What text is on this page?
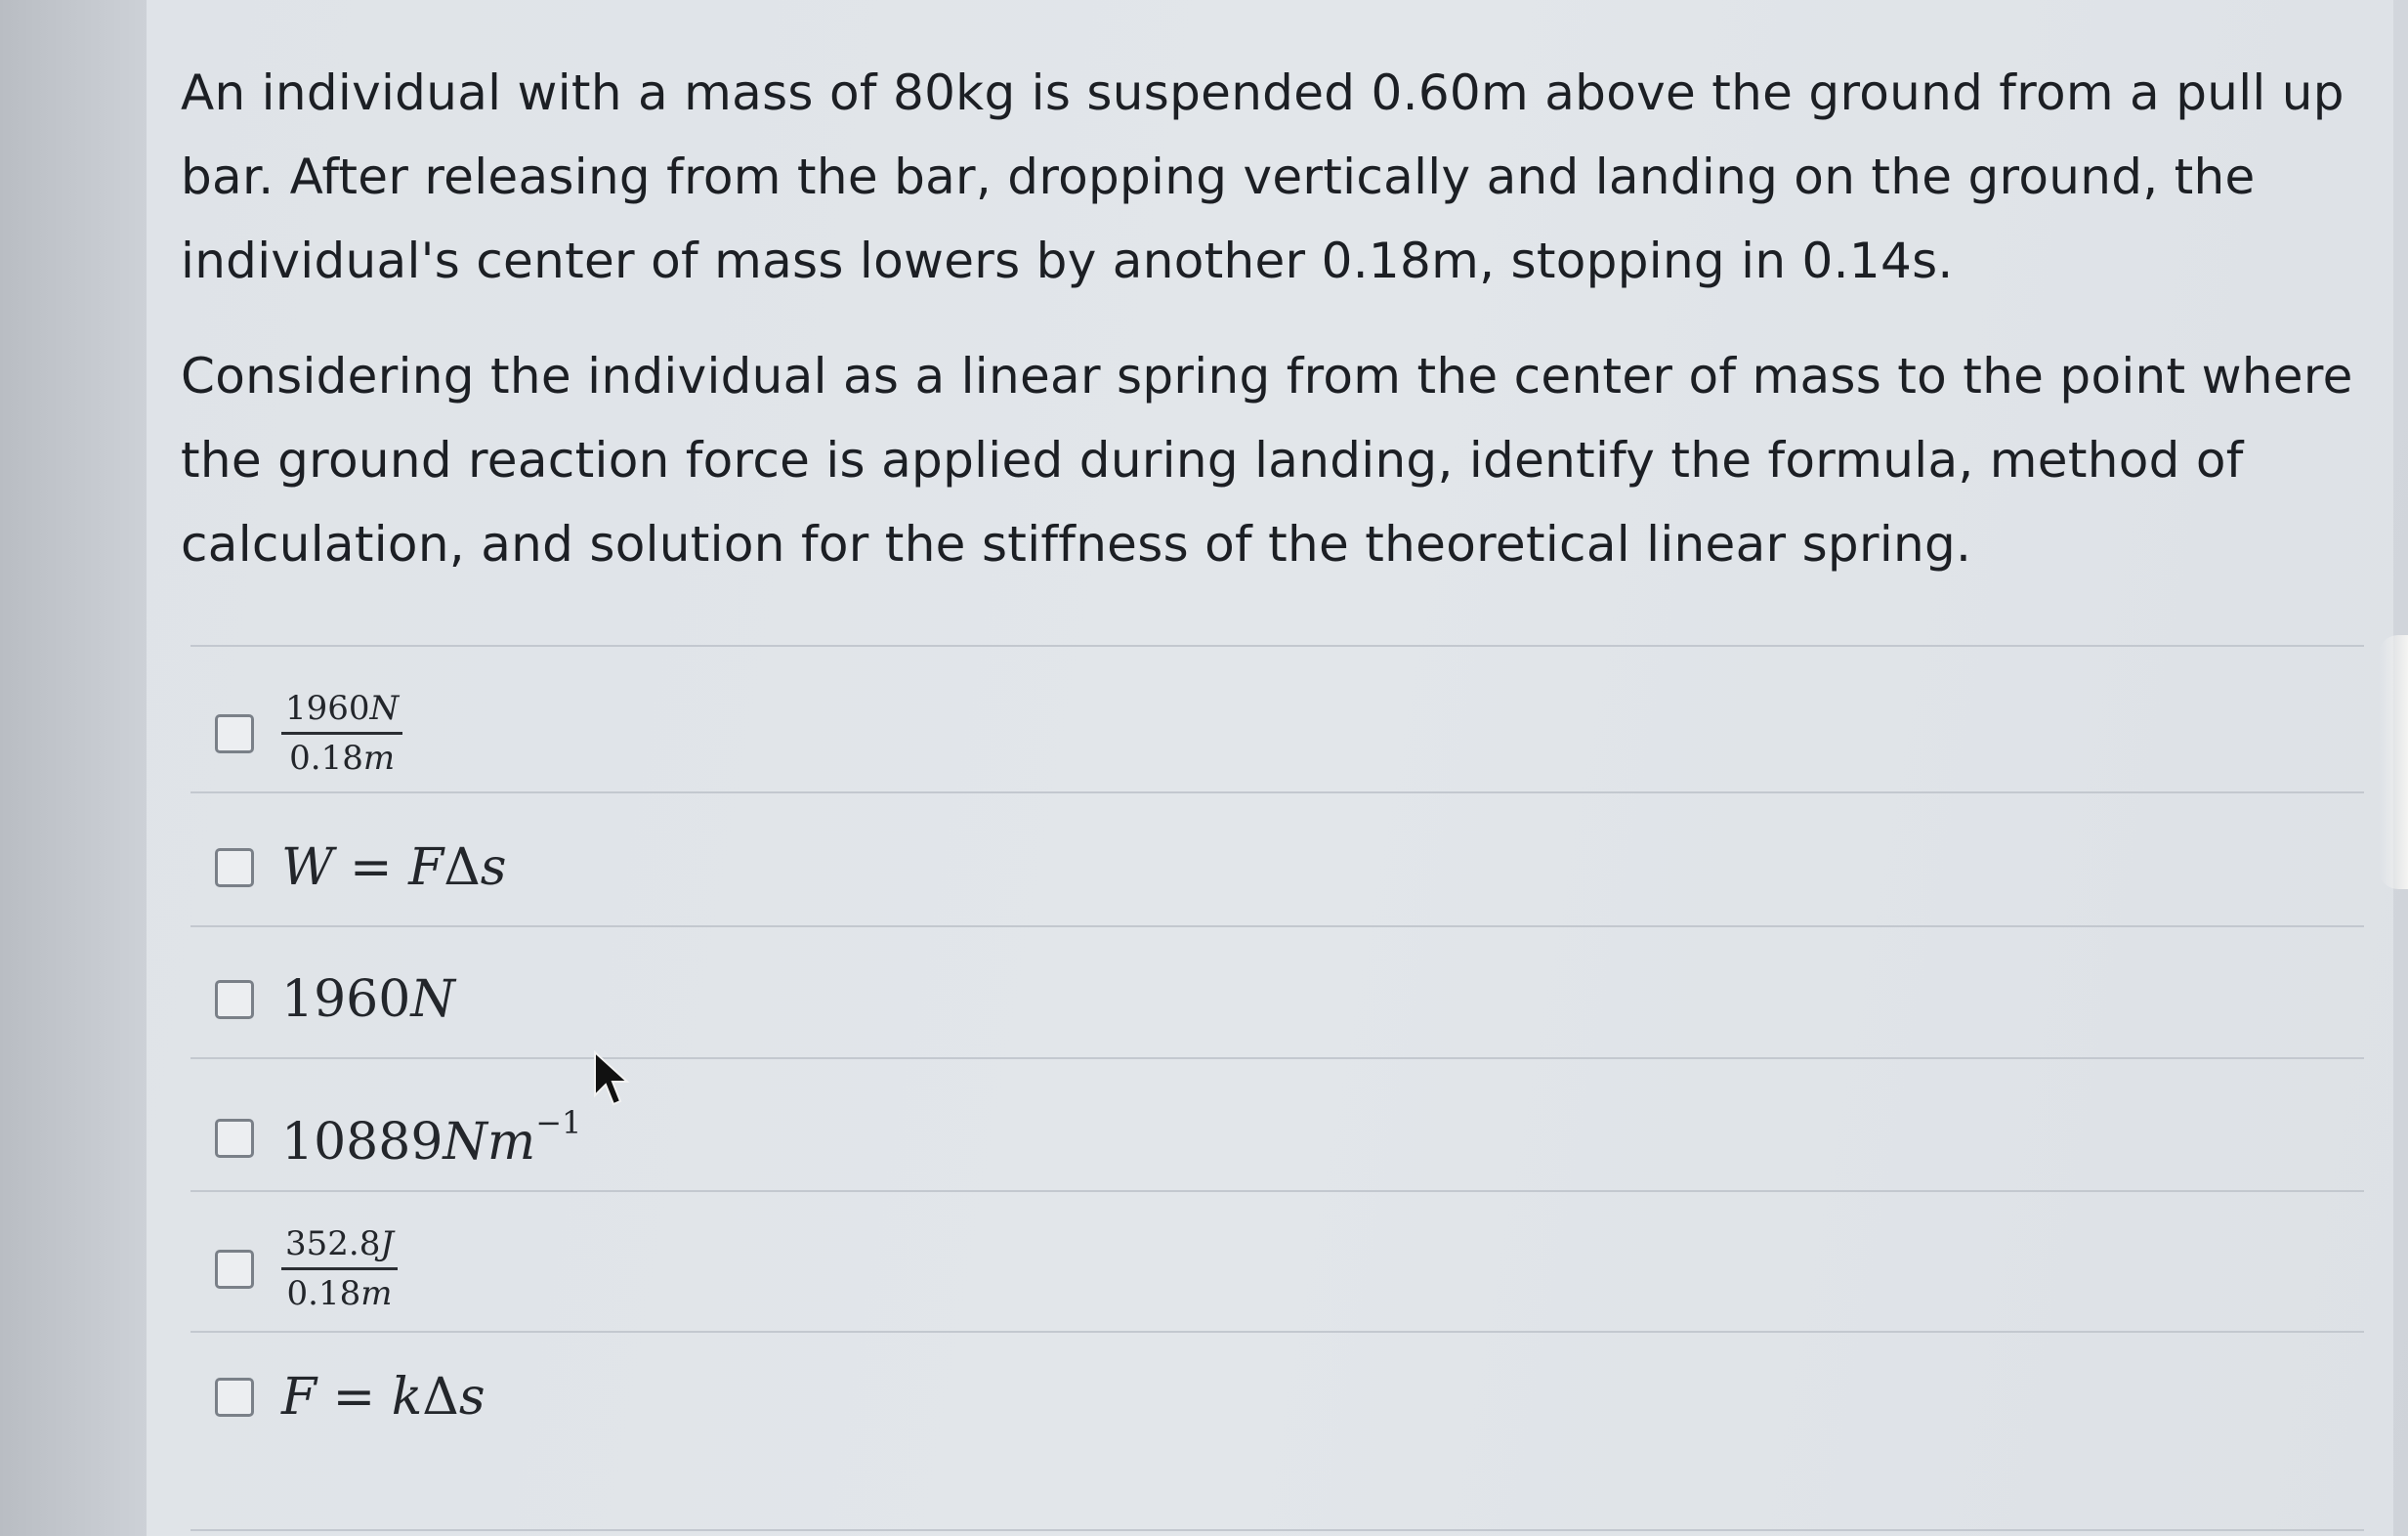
An individual with a mass of 80kg is suspended 0.60m above the ground from a pull up bar. After releasing from the bar, dropping vertically and landing on the ground, the individual's center of mass lowers by another 0.18m, stopping in 0.14s.
Considering the individual as a linear spring from the center of mass to the point where the ground reaction force is applied during landing, identify the formula, method of calculation, and solution for the stiffness of the theoretical linear spring.
$\frac{1960N}{0.18m}$
W = FΔs
1960N
$10889Nm^{-1}$
$\frac{352.8J}{0.18m}$
F = kΔs
